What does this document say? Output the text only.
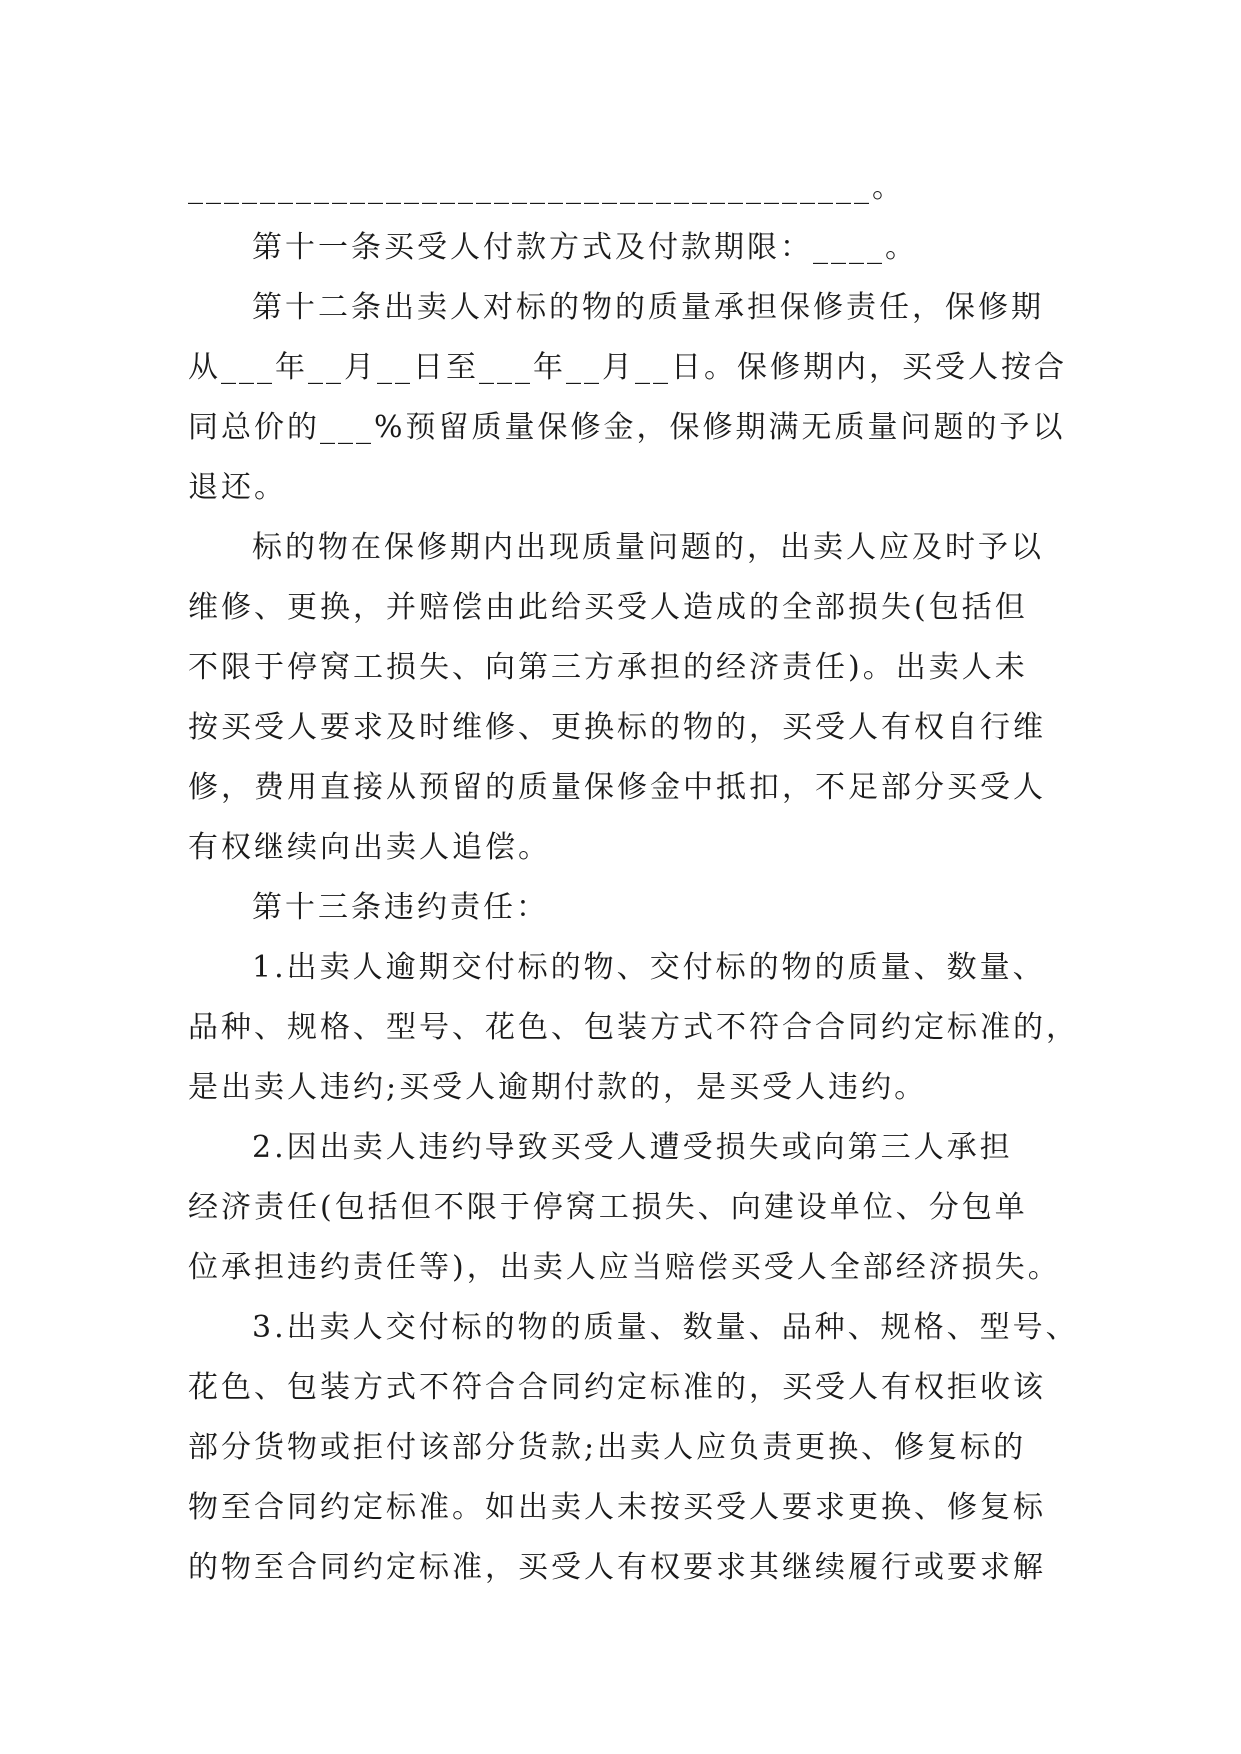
______________________________________。
第十一条买受人付款方式及付款期限：____。
第十二条出卖人对标的物的质量承担保修责任，保修期
从___年__月__日至___年__月__日。保修期内，买受人按合
同总价的___%预留质量保修金，保修期满无质量问题的予以
退还。
标的物在保修期内出现质量问题的，出卖人应及时予以
维修、更换，并赔偿由此给买受人造成的全部损失(包括但
不限于停窝工损失、向第三方承担的经济责任)。出卖人未
按买受人要求及时维修、更换标的物的，买受人有权自行维
修，费用直接从预留的质量保修金中抵扣，不足部分买受人
有权继续向出卖人追偿。
第十三条违约责任：
1.出卖人逾期交付标的物、交付标的物的质量、数量、
品种、规格、型号、花色、包装方式不符合合同约定标准的，
是出卖人违约;买受人逾期付款的，是买受人违约。
2.因出卖人违约导致买受人遭受损失或向第三人承担
经济责任(包括但不限于停窝工损失、向建设单位、分包单
位承担违约责任等)，出卖人应当赔偿买受人全部经济损失。
3.出卖人交付标的物的质量、数量、品种、规格、型号、
花色、包装方式不符合合同约定标准的，买受人有权拒收该
部分货物或拒付该部分货款;出卖人应负责更换、修复标的
物至合同约定标准。如出卖人未按买受人要求更换、修复标
的物至合同约定标准，买受人有权要求其继续履行或要求解
